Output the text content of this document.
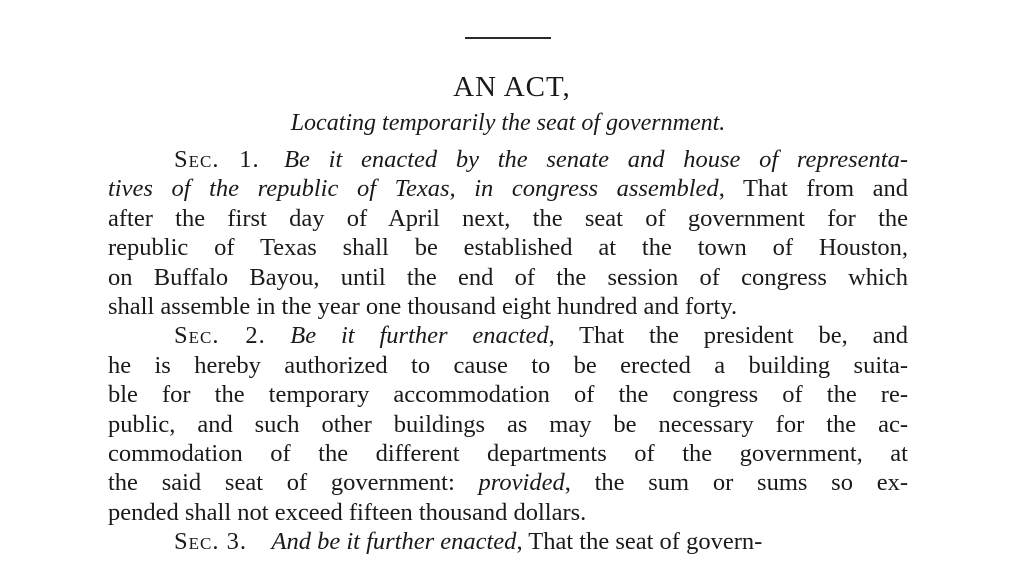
AN ACT,
Locating temporarily the seat of government.
Sec. 1.  Be it enacted by the senate and house of representa-
tives of the republic of Texas, in congress assembled, That from and
after the first day of April next, the seat of government for the
republic of Texas shall be established at the town of Houston,
on Buffalo Bayou, until the end of the session of congress which
shall assemble in the year one thousand eight hundred and forty.
Sec. 2.  Be it further enacted, That the president be, and
he is hereby authorized to cause to be erected a building suita-
ble for the temporary accommodation of the congress of the re-
public, and such other buildings as may be necessary for the ac-
commodation of the different departments of the government, at
the said seat of government: provided, the sum or sums so ex-
pended shall not exceed fifteen thousand dollars.
Sec. 3.  And be it further enacted, That the seat of govern-
